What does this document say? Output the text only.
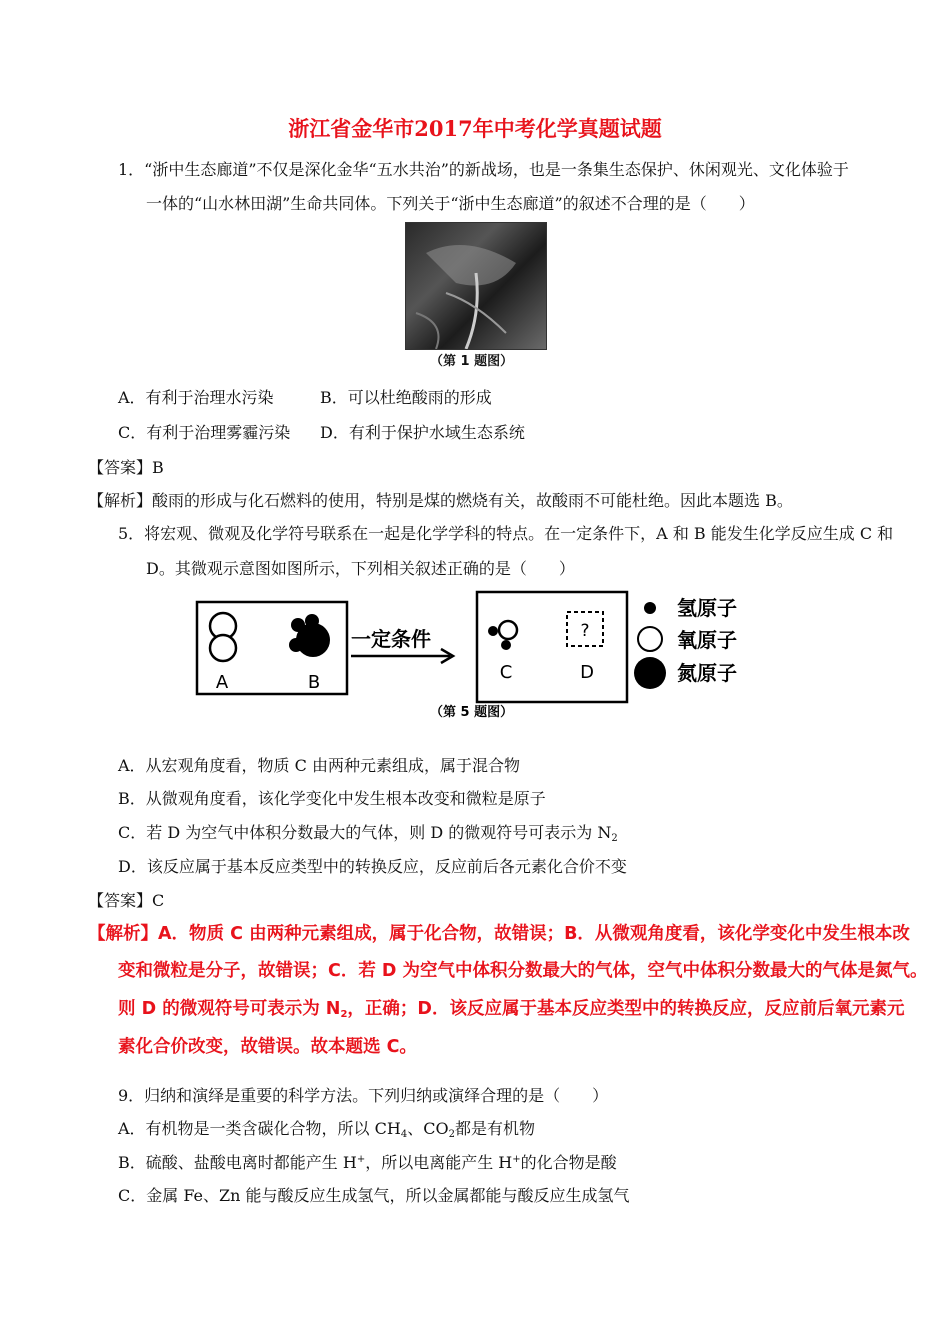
浙江省金华市2017年中考化学真题试题
1．“浙中生态廊道”不仅是深化金华“五水共治”的新战场，也是一条集生态保护、休闲观光、文化体验于
一体的“山水林田湖”生命共同体。下列关于“浙中生态廊道”的叙述不合理的是（　　）
（第 1 题图）
A．有利于治理水污染	B．可以杜绝酸雨的形成
C．有利于治理雾霾污染 D．有利于保护水域生态系统
【答案】B
【解析】酸雨的形成与化石燃料的使用，特别是煤的燃烧有关，故酸雨不可能杜绝。因此本题选 B。
5．将宏观、微观及化学符号联系在一起是化学学科的特点。在一定条件下，A 和 B 能发生化学反应生成 C 和
D。其微观示意图如图所示，下列相关叙述正确的是（　　）
A	B
一定条件
C
?
D
氢原子
氧原子
氮原子
（第 5 题图）
A．从宏观角度看，物质 C 由两种元素组成，属于混合物
B．从微观角度看，该化学变化中发生根本改变和微粒是原子
C．若 D 为空气中体积分数最大的气体，则 D 的微观符号可表示为 $N_2$
D．该反应属于基本反应类型中的转换反应，反应前后各元素化合价不变
【答案】C
【解析】A．物质 C 由两种元素组成，属于化合物，故错误；B．从微观角度看，该化学变化中发生根本改
变和微粒是分子，故错误；C．若 D 为空气中体积分数最大的气体，空气中体积分数最大的气体是氮气。
则 D 的微观符号可表示为 $N_2$，正确；D．该反应属于基本反应类型中的转换反应，反应前后氧元素元
素化合价改变，故错误。故本题选 C。
9．归纳和演绎是重要的科学方法。下列归纳或演绎合理的是（　　）
A．有机物是一类含碳化合物，所以 $CH_4$、$CO_2$都是有机物
B．硫酸、盐酸电离时都能产生 H+，所以电离能产生 H+的化合物是酸
C．金属 Fe、Zn 能与酸反应生成氢气，所以金属都能与酸反应生成氢气
